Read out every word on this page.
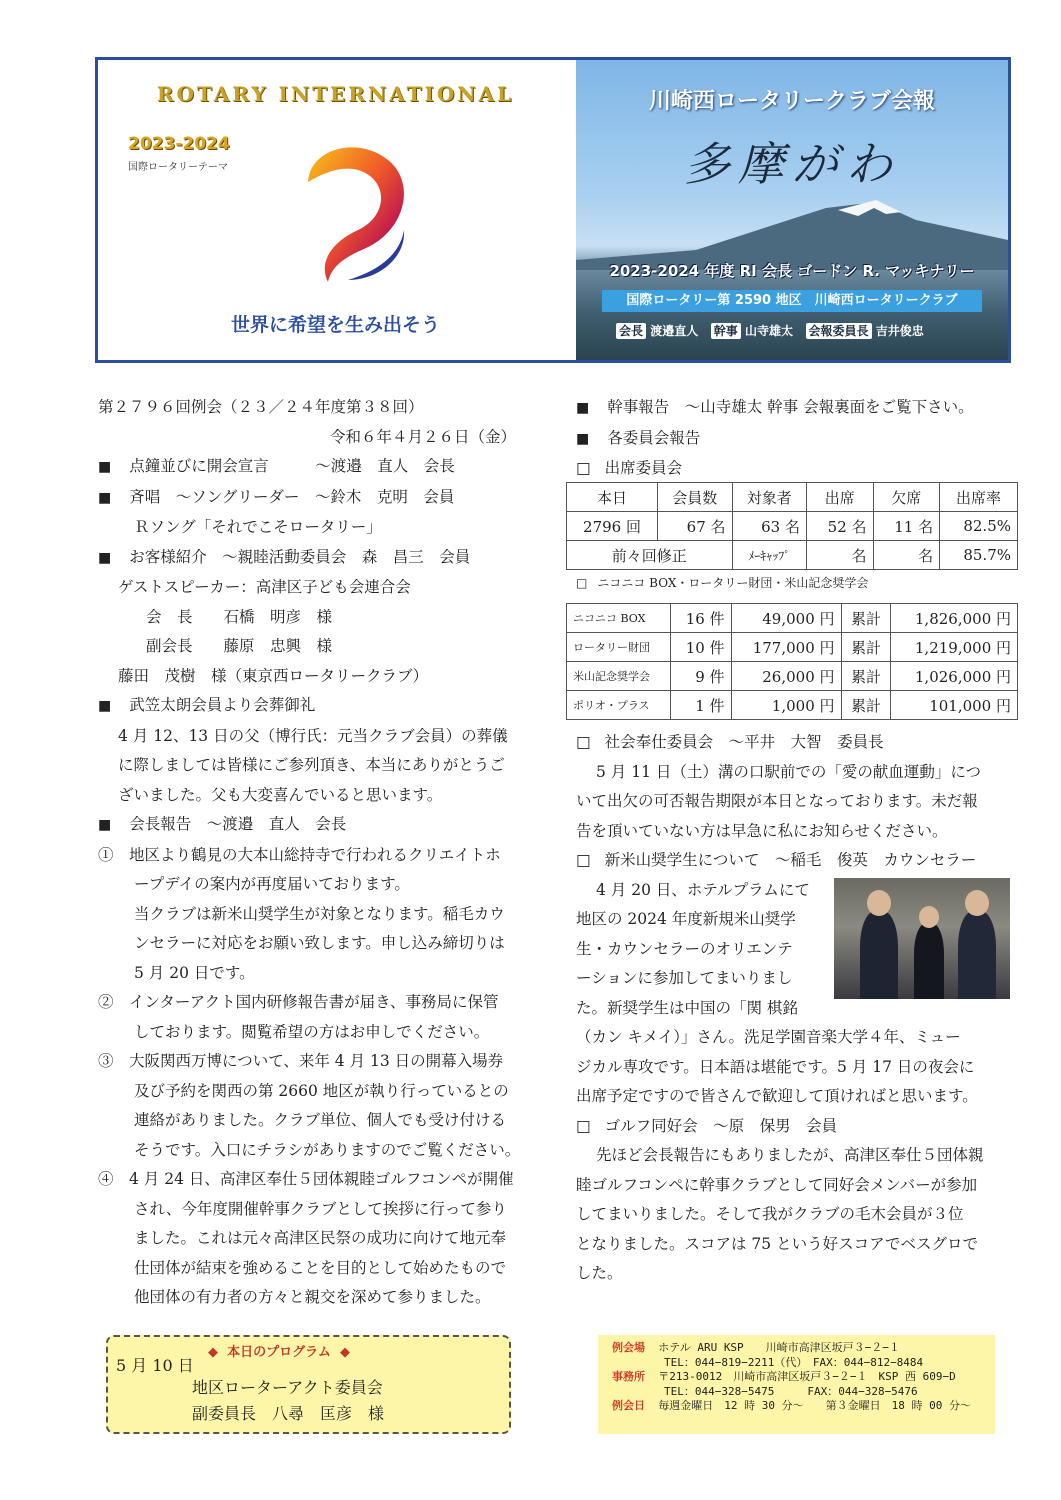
ROTARY INTERNATIONAL
2023-2024
国際ロータリーテーマ
世界に希望を生み出そう
川崎西ロータリークラブ会報
多摩がわ
2023-2024 年度 RI 会長 ゴードン R. マッキナリー
国際ロータリー第 2590 地区　川崎西ロータリークラブ
会長 渡邉直人 幹事 山寺雄太 会報委員長 吉井俊忠

第２７９６回例会（２３／２４年度第３８回）

令和６年４月２６日（金）

■ 点鐘並びに開会宣言　　　～渡邉　直人　会長

■ 斉唱　～ソングリーダー　～鈴木　克明　会員

Ｒソング「それでこそロータリー」

■ お客様紹介　～親睦活動委員会　森　昌三　会員

ゲストスピーカー：高津区子ども会連合会

会　長　　石橋　明彦　様

副会長　　藤原　忠興　様

藤田　茂樹　様（東京西ロータリークラブ）

■ 武笠太朗会員より会葬御礼

4 月 12、13 日の父（博行氏：元当クラブ会員）の葬儀

に際しましては皆様にご参列頂き、本当にありがとうご

ざいました。父も大変喜んでいると思います。

■ 会長報告　～渡邉　直人　会長

①　地区より鶴見の大本山総持寺で行われるクリエイトホ

ープデイの案内が再度届いております。

当クラブは新米山奨学生が対象となります。稲毛カウ

ンセラーに対応をお願い致します。申し込み締切りは

5 月 20 日です。

②　インターアクト国内研修報告書が届き、事務局に保管

しております。閲覧希望の方はお申しでください。

③　大阪関西万博について、来年 4 月 13 日の開幕入場券

及び予約を関西の第 2660 地区が執り行っているとの

連絡がありました。クラブ単位、個人でも受け付ける

そうです。入口にチラシがありますのでご覧ください。

④　4 月 24 日、高津区奉仕５団体親睦ゴルフコンペが開催

され、今年度開催幹事クラブとして挨拶に行って参り

ました。これは元々高津区民祭の成功に向けて地元奉

仕団体が結束を強めることを目的として始めたもので

他団体の有力者の方々と親交を深めて参りました。

■ 幹事報告　～山寺雄太 幹事 会報裏面をご覧下さい。

■ 各委員会報告

□ 出席委員会

本日	会員数	対象者	出席	欠席	出席率
2796 回	67 名	63 名	52 名	11 名	82.5%
前々回修正		ﾒｰｷｬｯﾌﾟ	名	名	85.7%
□ ニコニコ BOX・ロータリー財団・米山記念奨学会
ニコニコ BOX	16 件	49,000 円	累計	1,826,000 円
ロータリー財団	10 件	177,000 円	累計	1,219,000 円
米山記念奨学会	9 件	26,000 円	累計	1,026,000 円
ポリオ・プラス	1 件	1,000 円	累計	101,000 円

□ 社会奉仕委員会　～平井　大智　委員長

5 月 11 日（土）溝の口駅前での「愛の献血運動」につ

いて出欠の可否報告期限が本日となっております。未だ報

告を頂いていない方は早急に私にお知らせください。

□ 新米山奨学生について　～稲毛　俊英　カウンセラー

4 月 20 日、ホテルプラムにて

地区の 2024 年度新規米山奨学

生・カウンセラーのオリエンテ

ーションに参加してまいりまし

た。新奨学生は中国の「関 棋銘

（カン キメイ）」さん。洗足学園音楽大学４年、ミュー

ジカル専攻です。日本語は堪能です。5 月 17 日の夜会に

出席予定ですので皆さんで歓迎して頂ければと思います。

□ ゴルフ同好会　～原　保男　会員

先ほど会長報告にもありましたが、高津区奉仕５団体親

睦ゴルフコンペに幹事クラブとして同好会メンバーが参加

してまいりました。そして我がクラブの毛木会員が３位

となりました。スコアは 75 という好スコアでベスグロで

した。

◆ 本日のプログラム ◆
5 月 10 日
地区ローターアクト委員会
副委員長　八尋　匡彦　様
例会場 ホテル ARU KSP　　川崎市高津区坂戸３−２−１
TEL：044−819−2211（代）　FAX：044−812−8484
事務所 〒213-0012　川崎市高津区坂戸３−２−１　KSP 西 609−D
TEL：044−328−5475　　　FAX：044−328−5476
例会日 毎週金曜日　12 時 30 分〜　　第３金曜日　18 時 00 分〜
